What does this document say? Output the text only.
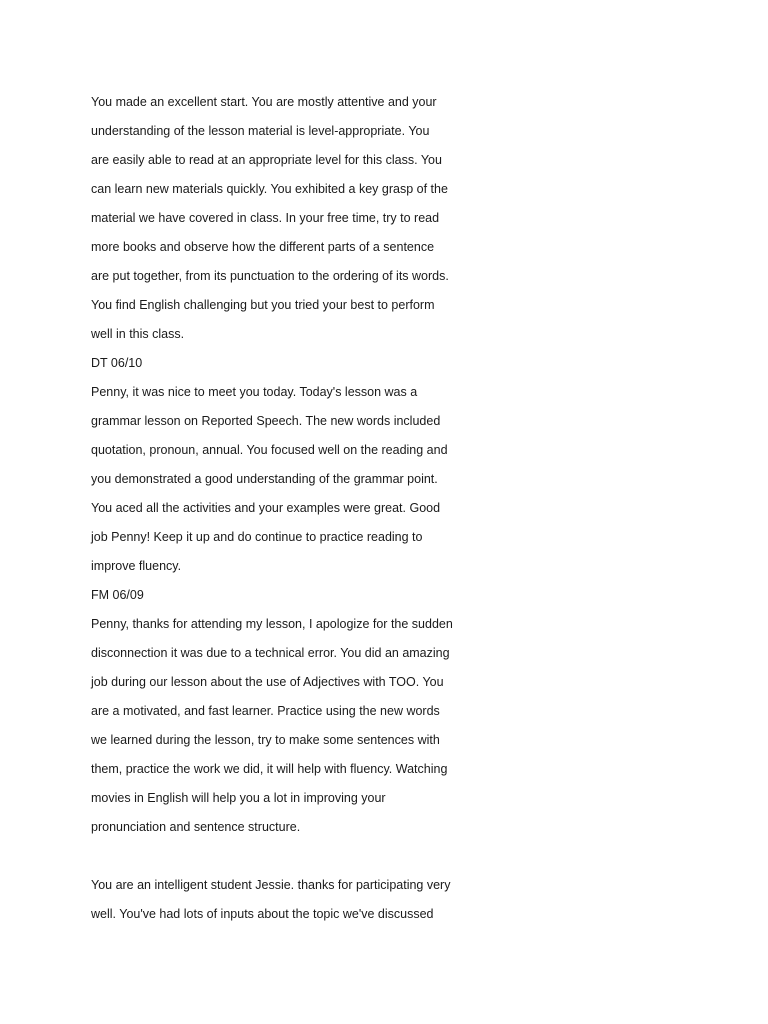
You made an excellent start. You are mostly attentive and your
understanding of the lesson material is level-appropriate. You
are easily able to read at an appropriate level for this class. You
can learn new materials quickly. You exhibited a key grasp of the
material we have covered in class. In your free time, try to read
more books and observe how the different parts of a sentence
are put together, from its punctuation to the ordering of its words.
You find English challenging but you tried your best to perform
well in this class.
DT 06/10
Penny, it was nice to meet you today. Today's lesson was a
grammar lesson on Reported Speech. The new words included
quotation, pronoun, annual. You focused well on the reading and
you demonstrated a good understanding of the grammar point.
You aced all the activities and your examples were great. Good
job Penny! Keep it up and do continue to practice reading to
improve fluency.
FM 06/09
Penny, thanks for attending my lesson, I apologize for the sudden
disconnection it was due to a technical error. You did an amazing
job during our lesson about the use of Adjectives with TOO. You
are a motivated, and fast learner. Practice using the new words
we learned during the lesson, try to make some sentences with
them, practice the work we did, it will help with fluency. Watching
movies in English will help you a lot in improving your
pronunciation and sentence structure.
You are an intelligent student Jessie. thanks for participating very
well. You've had lots of inputs about the topic we've discussed
